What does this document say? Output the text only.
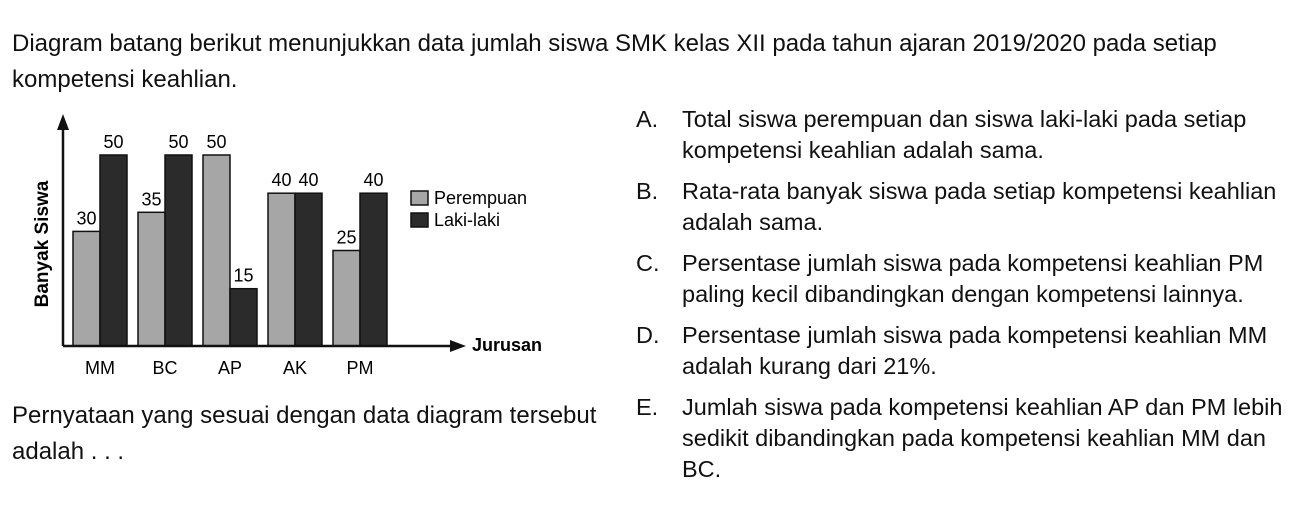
Diagram batang berikut menunjukkan data jumlah siswa SMK kelas XII pada tahun ajaran 2019/2020 pada setiap kompetensi keahlian.
30
50
35
50 50
15
40 40
25
40
MM BC AP AK PM
Jurusan
Banyak Siswa	Perempuan
Laki-laki
Pernyataan yang sesuai dengan data diagram tersebut adalah . . .
A. Total siswa perempuan dan siswa laki-laki pada setiap kompetensi keahlian adalah sama.
B. Rata-rata banyak siswa pada setiap kompetensi keahlian adalah sama.
C. Persentase jumlah siswa pada kompetensi keahlian PM paling kecil dibandingkan dengan kompetensi lainnya.
D. Persentase jumlah siswa pada kompetensi keahlian MM adalah kurang dari 21%.
E. Jumlah siswa pada kompetensi keahlian AP dan PM lebih sedikit dibandingkan pada kompetensi keahlian MM dan BC.
